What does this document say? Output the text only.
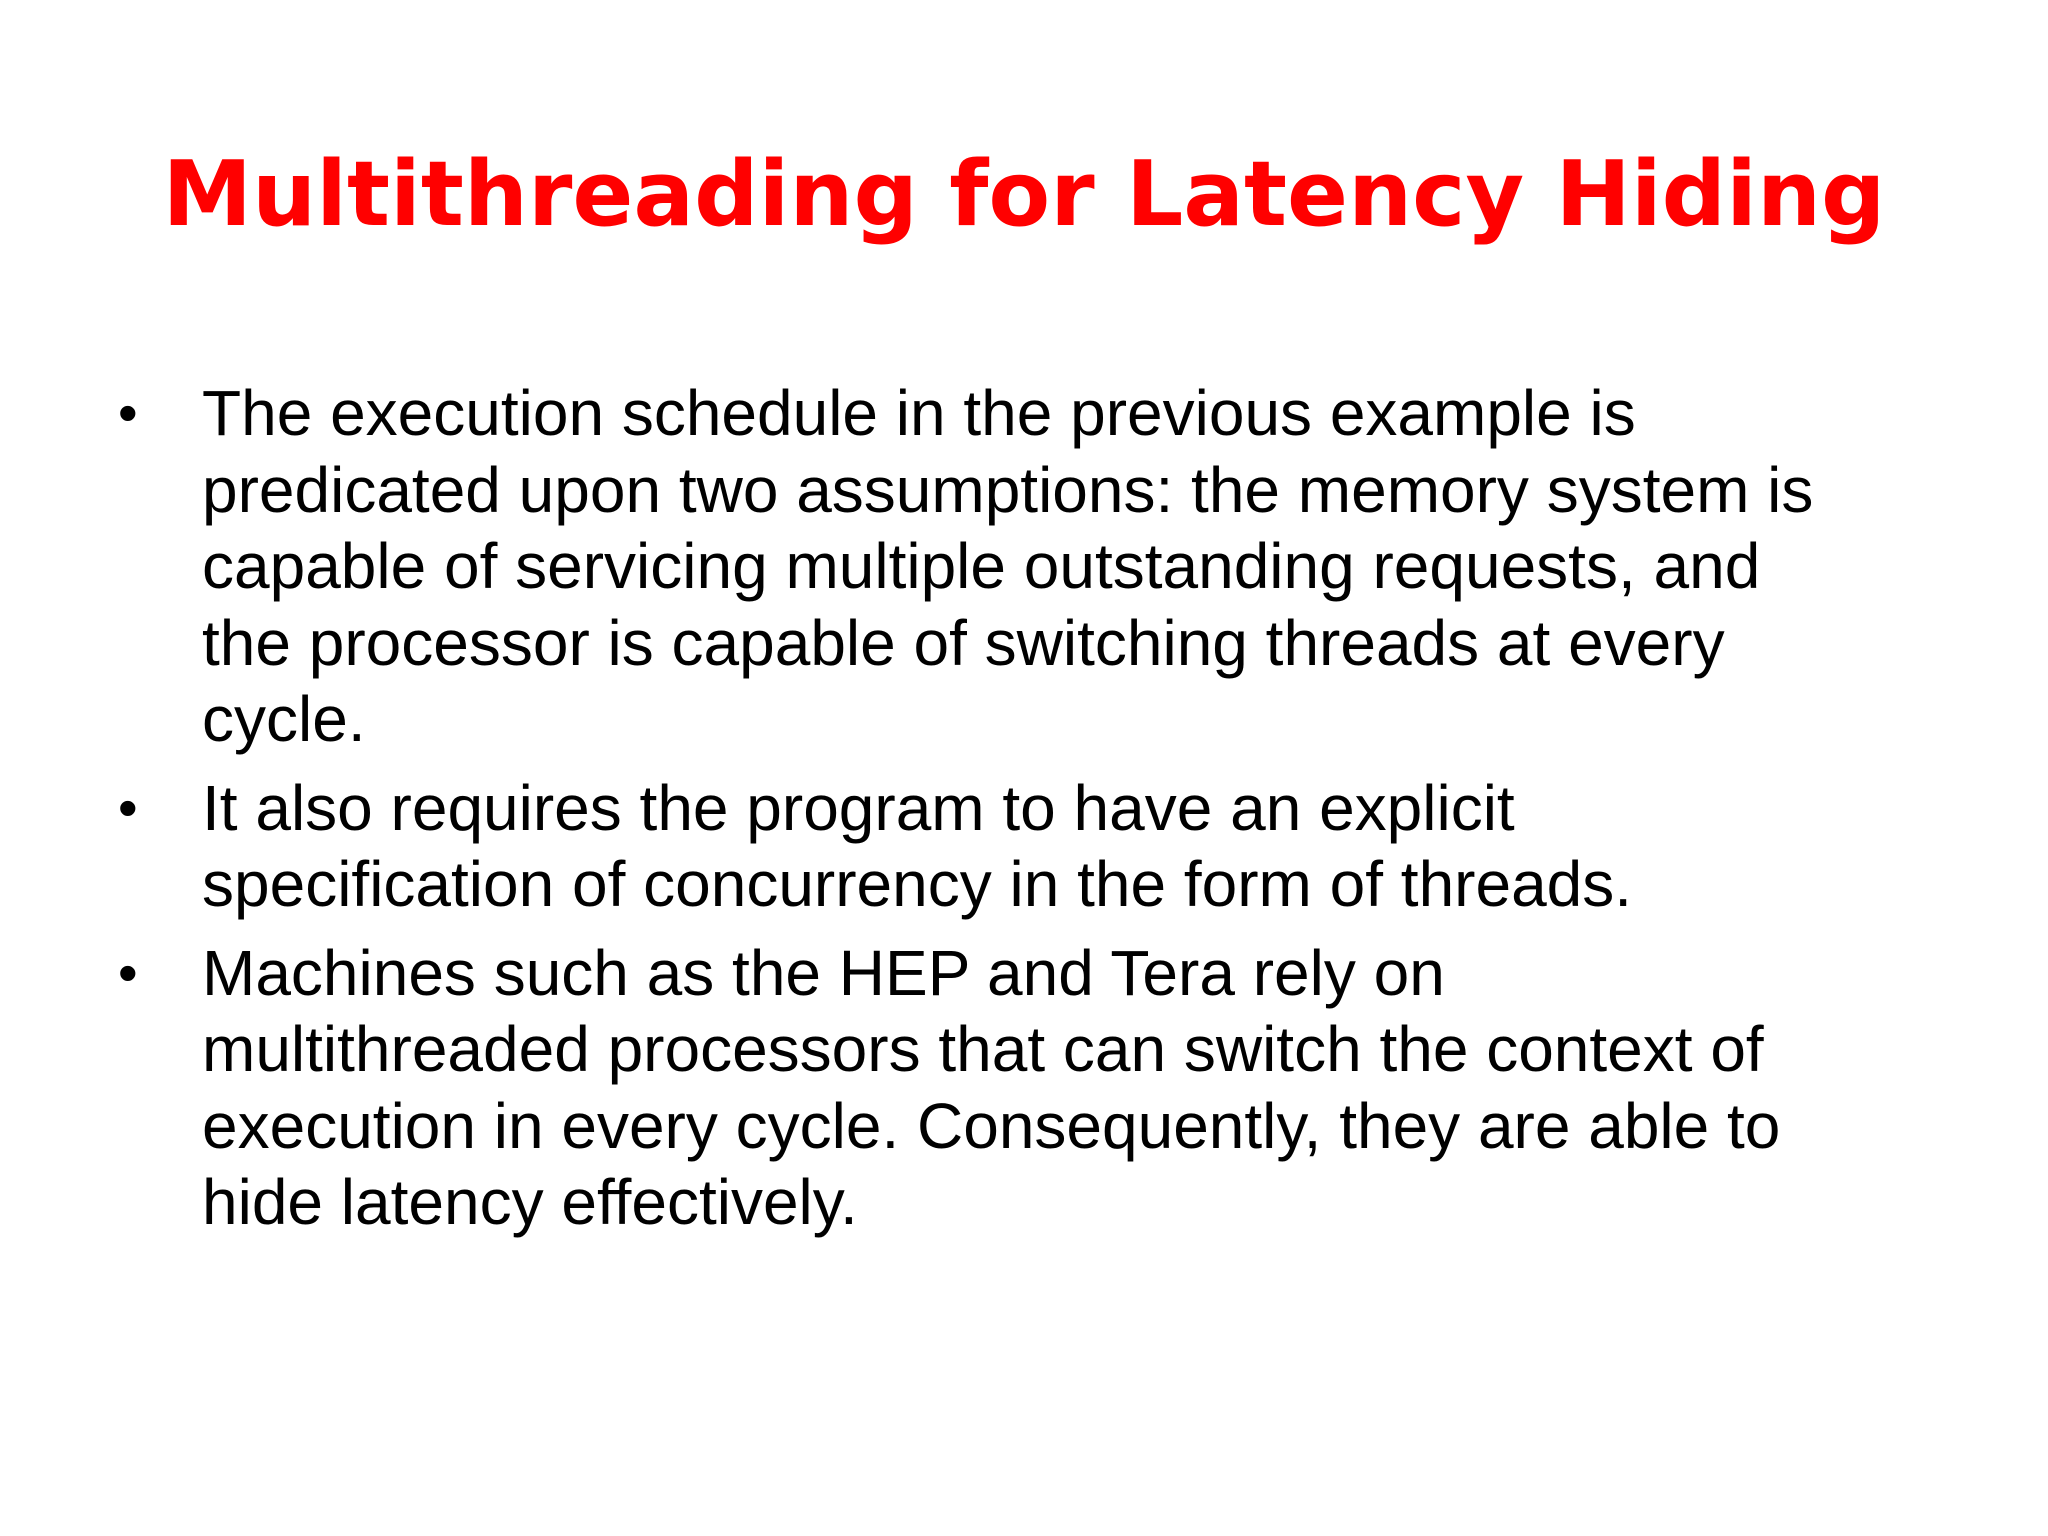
Multithreading for Latency Hiding
•	The execution schedule in the previous example is
predicated upon two assumptions: the memory system is
capable of servicing multiple outstanding requests, and
the processor is capable of switching threads at every
cycle.
•	It also requires the program to have an explicit
specification of concurrency in the form of threads.
•	Machines such as the HEP and Tera rely on
multithreaded processors that can switch the context of
execution in every cycle. Consequently, they are able to
hide latency effectively.
